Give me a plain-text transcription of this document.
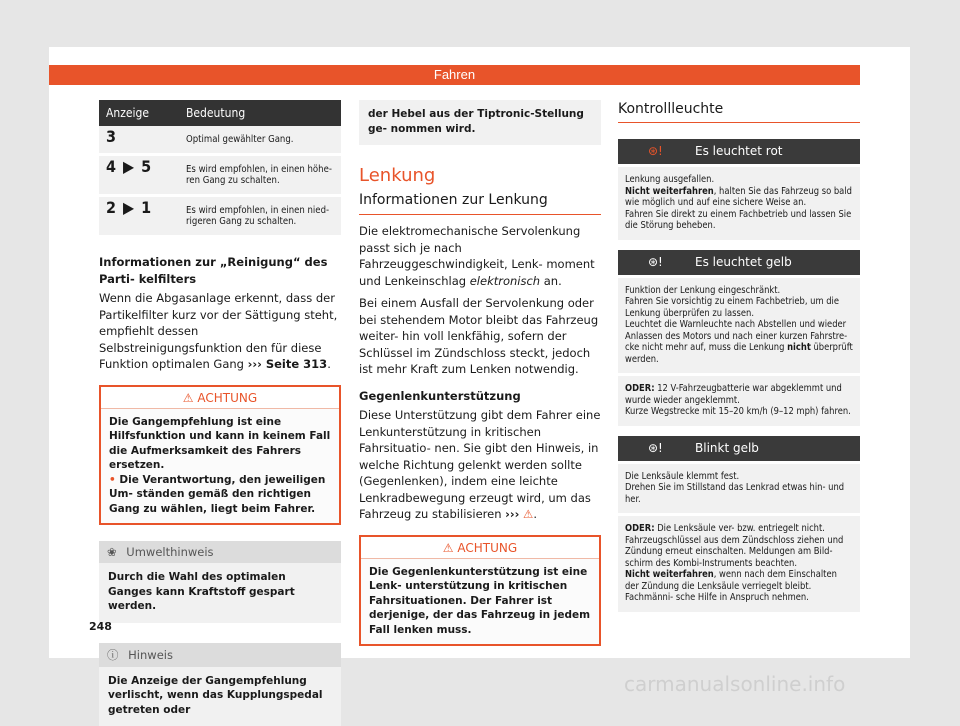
Fahren
Anzeige	Bedeutung
3	Optimal gewählter Gang.
4 ▶ 5	Es wird empfohlen, in einen höhe- ren Gang zu schalten.
2 ▶ 1	Es wird empfohlen, in einen nied- rigeren Gang zu schalten.

Informationen zur „Reinigung“ des Parti- kelfilters

Wenn die Abgasanlage erkennt, dass der Partikelfilter kurz vor der Sättigung steht, empfiehlt dessen Selbstreinigungsfunktion den für diese Funktion optimalen Gang ››› Seite 313.

⚠ ACHTUNG

Die Gangempfehlung ist eine Hilfsfunktion und kann in keinem Fall die Aufmerksamkeit des Fahrers ersetzen.

• Die Verantwortung, den jeweiligen Um- ständen gemäß den richtigen Gang zu wählen, liegt beim Fahrer.

❀ Umwelthinweis
Durch die Wahl des optimalen Ganges kann Kraftstoff gespart werden.
ⓘ Hinweis
Die Anzeige der Gangempfehlung verlischt, wenn das Kupplungspedal getreten oder
der Hebel aus der Tiptronic-Stellung ge- nommen wird.
Lenkung
Informationen zur Lenkung

Die elektromechanische Servolenkung passt sich je nach Fahrzeuggeschwindigkeit, Lenk- moment und Lenkeinschlag elektronisch an.

Bei einem Ausfall der Servolenkung oder bei stehendem Motor bleibt das Fahrzeug weiter- hin voll lenkfähig, sofern der Schlüssel im Zündschloss steckt, jedoch ist mehr Kraft zum Lenken notwendig.

Gegenlenkunterstützung

Diese Unterstützung gibt dem Fahrer eine Lenkunterstützung in kritischen Fahrsituatio- nen. Sie gibt den Hinweis, in welche Richtung gelenkt werden sollte (Gegenlenken), indem eine leichte Lenkradbewegung erzeugt wird, um das Fahrzeug zu stabilisieren ››› ⚠.

⚠ ACHTUNG
Die Gegenlenkunterstützung ist eine Lenk- unterstützung in kritischen Fahrsituationen. Der Fahrer ist derjenige, der das Fahrzeug in jedem Fall lenken muss.
Kontrollleuchte
⊛!	Es leuchtet rot

Lenkung ausgefallen.

Nicht weiterfahren, halten Sie das Fahrzeug so bald wie möglich und auf eine sichere Weise an.

Fahren Sie direkt zu einem Fachbetrieb und lassen Sie die Störung beheben.

⊛!	Es leuchtet gelb

Funktion der Lenkung eingeschränkt.

Fahren Sie vorsichtig zu einem Fachbetrieb, um die Lenkung überprüfen zu lassen.

Leuchtet die Warnleuchte nach Abstellen und wieder Anlassen des Motors und nach einer kurzen Fahrstre- cke nicht mehr auf, muss die Lenkung nicht überprüft werden.

ODER: 12 V-Fahrzeugbatterie war abgeklemmt und wurde wieder angeklemmt.

Kurze Wegstrecke mit 15–20 km/h (9–12 mph) fahren.

⊛!	Blinkt gelb

Die Lenksäule klemmt fest.

Drehen Sie im Stillstand das Lenkrad etwas hin- und her.

ODER: Die Lenksäule ver- bzw. entriegelt nicht. Fahrzeugschlüssel aus dem Zündschloss ziehen und Zündung erneut einschalten. Meldungen am Bild- schirm des Kombi-Instruments beachten.

Nicht weiterfahren, wenn nach dem Einschalten der Zündung die Lenksäule verriegelt bleibt. Fachmänni- sche Hilfe in Anspruch nehmen.

248
carmanualsonline.info
